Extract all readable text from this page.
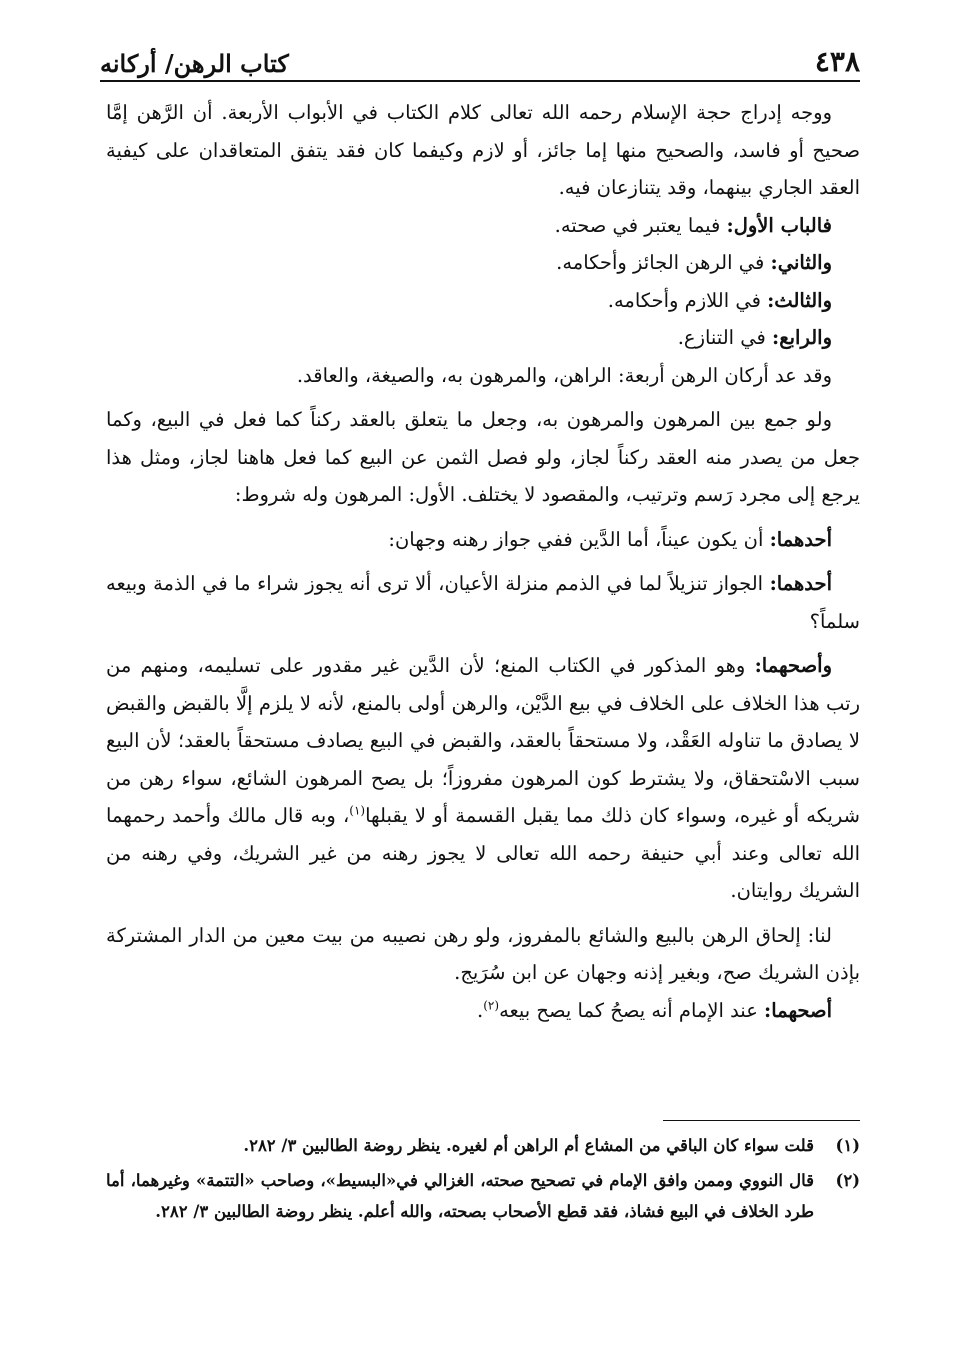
٤٣٨
كتاب الرهن/ أركانه

ووجه إدراج حجة الإسلام رحمه الله تعالى كلام الكتاب في الأبواب الأربعة. أن الرَّهن إمَّا صحيح أو فاسد، والصحيح منها إما جائز، أو لازم وكيفما كان فقد يتفق المتعاقدان على كيفية العقد الجاري بينهما، وقد يتنازعان فيه.

فالباب الأول: فيما يعتبر في صحته.

والثاني: في الرهن الجائز وأحكامه.

والثالث: في اللازم وأحكامه.

والرابع: في التنازع.

وقد عد أركان الرهن أربعة: الراهن، والمرهون به، والصيغة، والعاقد.

ولو جمع بين المرهون والمرهون به، وجعل ما يتعلق بالعقد ركناً كما فعل في البيع، وكما جعل من يصدر منه العقد ركناً لجاز، ولو فصل الثمن عن البيع كما فعل هاهنا لجاز، ومثل هذا يرجع إلى مجرد رَسم وترتيب، والمقصود لا يختلف. الأول: المرهون وله شروط:

أحدهما: أن يكون عيناً، أما الدَّين ففي جواز رهنه وجهان:

أحدهما: الجواز تنزيلاً لما في الذمم منزلة الأعيان، ألا ترى أنه يجوز شراء ما في الذمة وبيعه سلماً؟

وأصحهما: وهو المذكور في الكتاب المنع؛ لأن الدَّين غير مقدور على تسليمه، ومنهم من رتب هذا الخلاف على الخلاف في بيع الدَّيْن، والرهن أولى بالمنع، لأنه لا يلزم إلَّا بالقبض والقبض لا يصادق ما تناوله العَقْد، ولا مستحقاً بالعقد، والقبض في البيع يصادف مستحقاً بالعقد؛ لأن البيع سبب الاسْتحقاق، ولا يشترط كون المرهون مفروزاً؛ بل يصح المرهون الشائع، سواء رهن من شريكه أو غيره، وسواء كان ذلك مما يقبل القسمة أو لا يقبلها$^{(١)}$، وبه قال مالك وأحمد رحمهما الله تعالى وعند أبي حنيفة رحمه الله تعالى لا يجوز رهنه من غير الشريك، وفي رهنه من الشريك روايتان.

لنا: إلحاق الرهن بالبيع والشائع بالمفروز، ولو رهن نصيبه من بيت معين من الدار المشتركة بإذن الشريك صح، وبغير إذنه وجهان عن ابن سُرَيج.

أصحهما: عند الإمام أنه يصحُ كما يصح بيعه$^{(٢)}$.

(١)
قلت سواء كان الباقي من المشاع أم الراهن أم لغيره. ينظر روضة الطالبين ٣/ ٢٨٢.
(٢)
قال النووي وممن وافق الإمام في تصحيح صحته، الغزالي في«البسيط»، وصاحب «التتمة» وغيرهما، أما طرد الخلاف في البيع فشاذ، فقد قطع الأصحاب بصحته، والله أعلم. ينظر روضة الطالبين ٣/ ٢٨٢.
